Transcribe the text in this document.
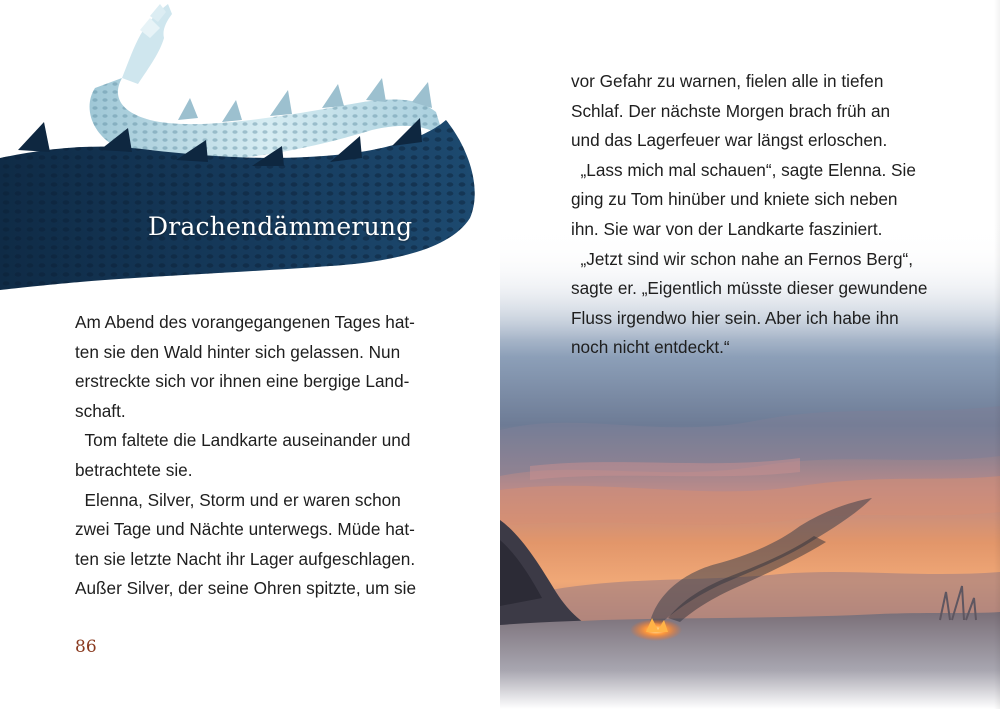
Drachendämmerung
Am Abend des vorangegangenen Tages hat-
ten sie den Wald hinter sich gelassen. Nun
erstreckte sich vor ihnen eine bergige Land-
schaft.
Tom faltete die Landkarte auseinander und
betrachtete sie.
Elenna, Silver, Storm und er waren schon
zwei Tage und Nächte unterwegs. Müde hat-
ten sie letzte Nacht ihr Lager aufgeschlagen.
Außer Silver, der seine Ohren spitzte, um sie

86

vor Gefahr zu warnen, fielen alle in tiefen
Schlaf. Der nächste Morgen brach früh an
und das Lagerfeuer war längst erloschen.
„Lass mich mal schauen“, sagte Elenna. Sie
ging zu Tom hinüber und kniete sich neben
ihn. Sie war von der Landkarte fasziniert.
„Jetzt sind wir schon nahe an Fernos Berg“,
sagte er. „Eigentlich müsste dieser gewundene
Fluss irgendwo hier sein. Aber ich habe ihn
noch nicht entdeckt.“
